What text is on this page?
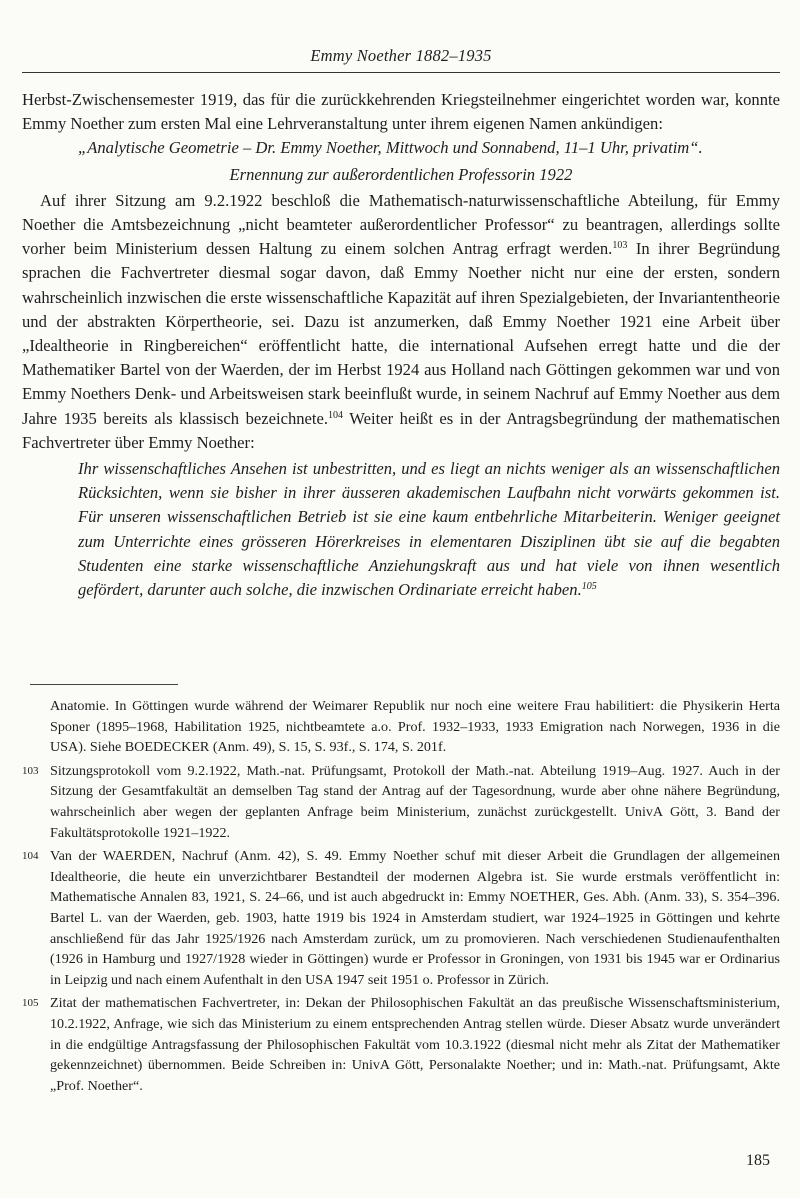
Emmy Noether 1882–1935

Herbst-Zwischensemester 1919, das für die zurückkehrenden Kriegsteilnehmer eingerichtet worden war, konnte Emmy Noether zum ersten Mal eine Lehrveranstaltung unter ihrem eigenen Namen ankündigen:

„Analytische Geometrie – Dr. Emmy Noether, Mittwoch und Sonnabend, 11–1 Uhr, privatim“.

Ernennung zur außerordentlichen Professorin 1922

Auf ihrer Sitzung am 9.2.1922 beschloß die Mathematisch-naturwissenschaftliche Abteilung, für Emmy Noether die Amtsbezeichnung „nicht beamteter außerordentlicher Professor“ zu beantragen, allerdings sollte vorher beim Ministerium dessen Haltung zu einem solchen Antrag erfragt werden.$^{103}$ In ihrer Begründung sprachen die Fachvertreter diesmal sogar davon, daß Emmy Noether nicht nur eine der ersten, sondern wahrscheinlich inzwischen die erste wissenschaftliche Kapazität auf ihren Spezialgebieten, der Invariantentheorie und der abstrakten Körpertheorie, sei. Dazu ist anzumerken, daß Emmy Noether 1921 eine Arbeit über „Idealtheorie in Ringbereichen“ eröffentlicht hatte, die international Aufsehen erregt hatte und die der Mathematiker Bartel von der Waerden, der im Herbst 1924 aus Holland nach Göttingen gekommen war und von Emmy Noethers Denk- und Arbeitsweisen stark beeinflußt wurde, in seinem Nachruf auf Emmy Noether aus dem Jahre 1935 bereits als klassisch bezeichnete.$^{104}$ Weiter heißt es in der Antragsbegründung der mathematischen Fachvertreter über Emmy Noether:

Ihr wissenschaftliches Ansehen ist unbestritten, und es liegt an nichts weniger als an wissenschaftlichen Rücksichten, wenn sie bisher in ihrer äusseren akademischen Laufbahn nicht vorwärts gekommen ist. Für unseren wissenschaftlichen Betrieb ist sie eine kaum entbehrliche Mitarbeiterin. Weniger geeignet zum Unterrichte eines grösseren Hörerkreises in elementaren Disziplinen übt sie auf die begabten Studenten eine starke wissenschaftliche Anziehungskraft aus und hat viele von ihnen wesentlich gefördert, darunter auch solche, die inzwischen Ordinariate erreicht haben.$^{105}$

Anatomie. In Göttingen wurde während der Weimarer Republik nur noch eine weitere Frau habilitiert: die Physikerin Herta Sponer (1895–1968, Habilitation 1925, nichtbeamtete a.o. Prof. 1932–1933, 1933 Emigration nach Norwegen, 1936 in die USA). Siehe BOEDECKER (Anm. 49), S. 15, S. 93f., S. 174, S. 201f.
103 Sitzungsprotokoll vom 9.2.1922, Math.-nat. Prüfungsamt, Protokoll der Math.-nat. Abteilung 1919–Aug. 1927. Auch in der Sitzung der Gesamtfakultät an demselben Tag stand der Antrag auf der Tagesordnung, wurde aber ohne nähere Begründung, wahrscheinlich aber wegen der geplanten Anfrage beim Ministerium, zunächst zurückgestellt. UnivA Gött, 3. Band der Fakultätsprotokolle 1921–1922.
104 Van der WAERDEN, Nachruf (Anm. 42), S. 49. Emmy Noether schuf mit dieser Arbeit die Grundlagen der allgemeinen Idealtheorie, die heute ein unverzichtbarer Bestandteil der modernen Algebra ist. Sie wurde erstmals veröffentlicht in: Mathematische Annalen 83, 1921, S. 24–66, und ist auch abgedruckt in: Emmy NOETHER, Ges. Abh. (Anm. 33), S. 354–396. Bartel L. van der Waerden, geb. 1903, hatte 1919 bis 1924 in Amsterdam studiert, war 1924–1925 in Göttingen und kehrte anschließend für das Jahr 1925/1926 nach Amsterdam zurück, um zu promovieren. Nach verschiedenen Studienaufenthalten (1926 in Hamburg und 1927/1928 wieder in Göttingen) wurde er Professor in Groningen, von 1931 bis 1945 war er Ordinarius in Leipzig und nach einem Aufenthalt in den USA 1947 seit 1951 o. Professor in Zürich.
105 Zitat der mathematischen Fachvertreter, in: Dekan der Philosophischen Fakultät an das preußische Wissenschaftsministerium, 10.2.1922, Anfrage, wie sich das Ministerium zu einem entsprechenden Antrag stellen würde. Dieser Absatz wurde unverändert in die endgültige Antragsfassung der Philosophischen Fakultät vom 10.3.1922 (diesmal nicht mehr als Zitat der Mathematiker gekennzeichnet) übernommen. Beide Schreiben in: UnivA Gött, Personalakte Noether; und in: Math.-nat. Prüfungsamt, Akte „Prof. Noether“.
185
